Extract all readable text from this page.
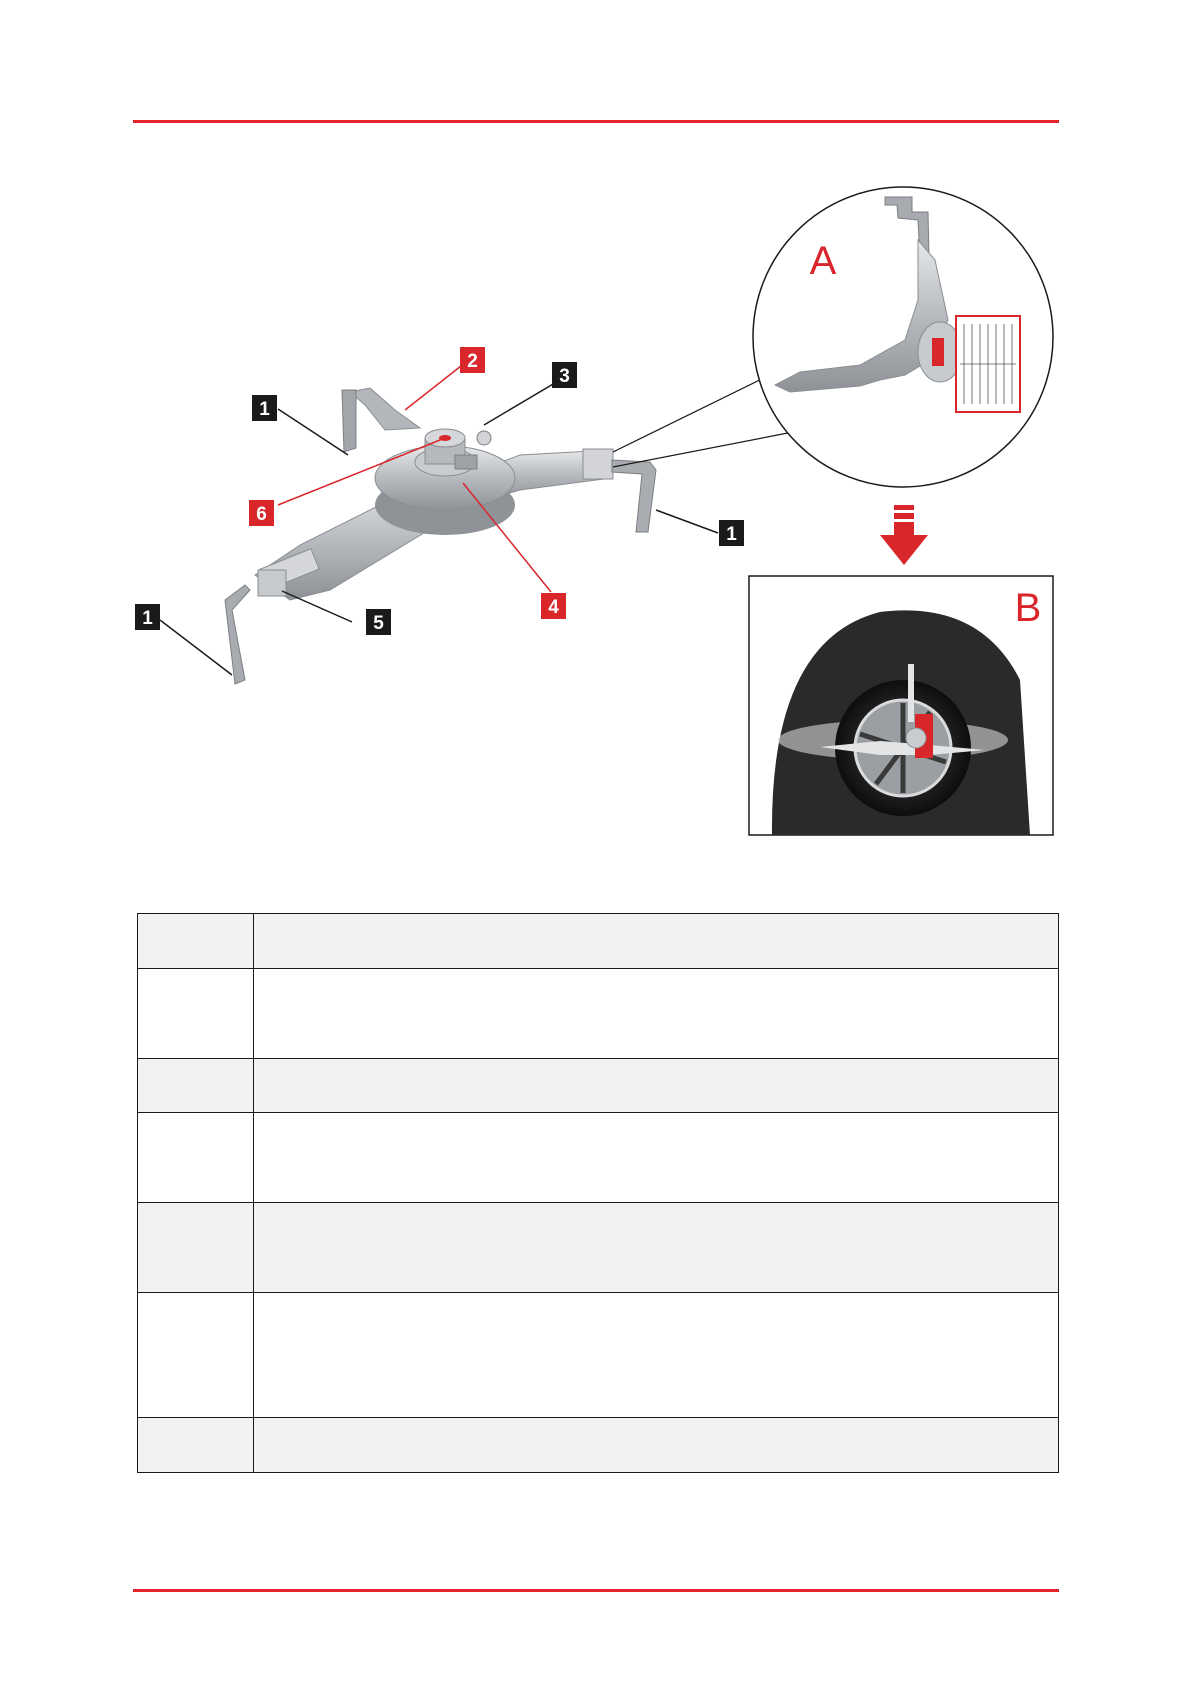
1
2
3
1
6
4
5
1
A
B
